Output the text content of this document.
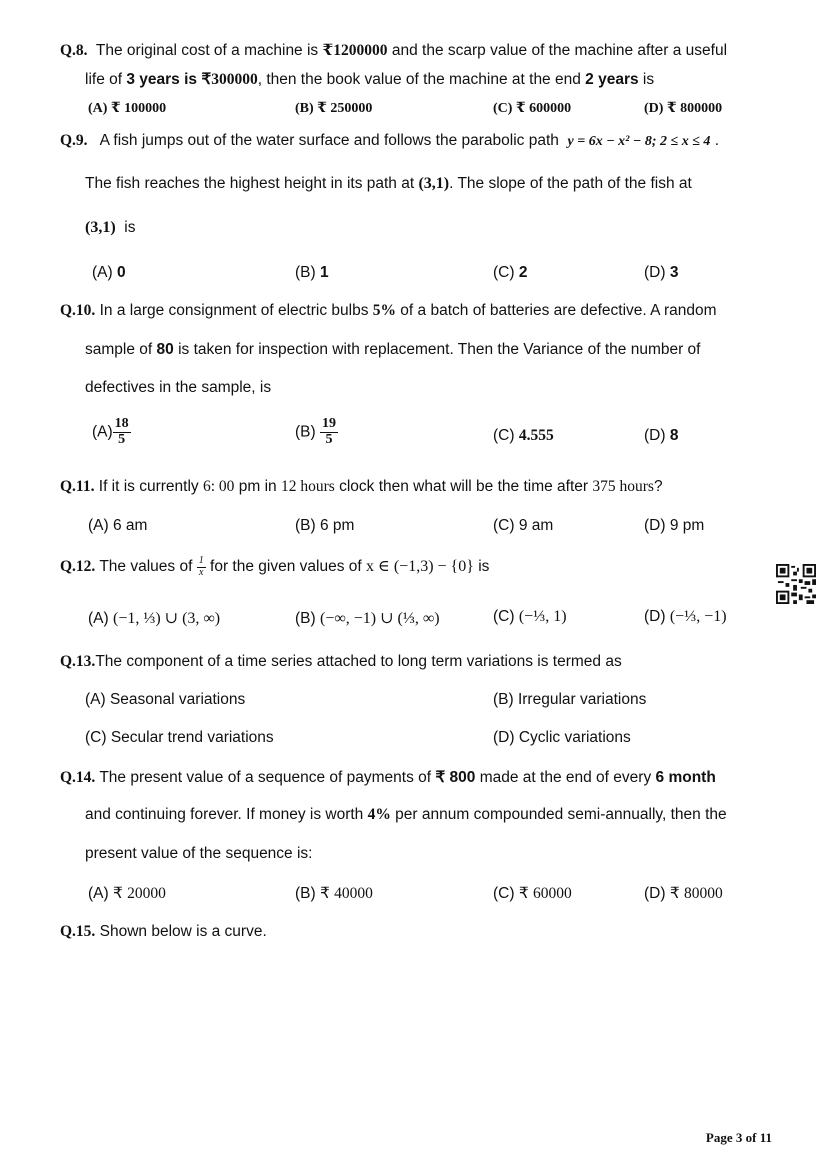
Q.8. The original cost of a machine is ₹1200000 and the scarp value of the machine after a useful
life of 3 years is ₹300000, then the book value of the machine at the end 2 years is
(A) ₹ 100000	(B) ₹ 250000	(C) ₹ 600000	(D) ₹ 800000
Q.9. A fish jumps out of the water surface and follows the parabolic path y = 6x − x² − 8; 2 ≤ x ≤ 4 .
The fish reaches the highest height in its path at (3,1). The slope of the path of the fish at
(3,1) is
(A) 0	(B) 1	(C) 2	(D) 3
Q.10. In a large consignment of electric bulbs 5% of a batch of batteries are defective. A random
sample of 80 is taken for inspection with replacement. Then the Variance of the number of
defectives in the sample, is
$(A) \frac{18}{5}$	$(B) \frac{19}{5}$	(C) 4.555	(D) 8
Q.11. If it is currently 6: 00 pm in 12 hours clock then what will be the time after 375 hours?
(A) 6 am	(B) 6 pm	(C) 9 am	(D) 9 pm
Q.12. The values of $\frac{1}{x}$ for the given values of x ∈ (−1,3) − {0} is
(A) (−1, ⅓) ∪ (3, ∞)	(B) (−∞, −1) ∪ (⅓, ∞)	(C) (−⅓, 1)	(D) (−⅓, −1)
Q.13.The component of a time series attached to long term variations is termed as
(A) Seasonal variations	(B) Irregular variations
(C) Secular trend variations	(D) Cyclic variations
Q.14. The present value of a sequence of payments of ₹ 800 made at the end of every 6 month
and continuing forever. If money is worth 4% per annum compounded semi-annually, then the
present value of the sequence is:
(A) ₹ 20000	(B) ₹ 40000	(C) ₹ 60000	(D) ₹ 80000
Q.15. Shown below is a curve.
Page 3 of 11
